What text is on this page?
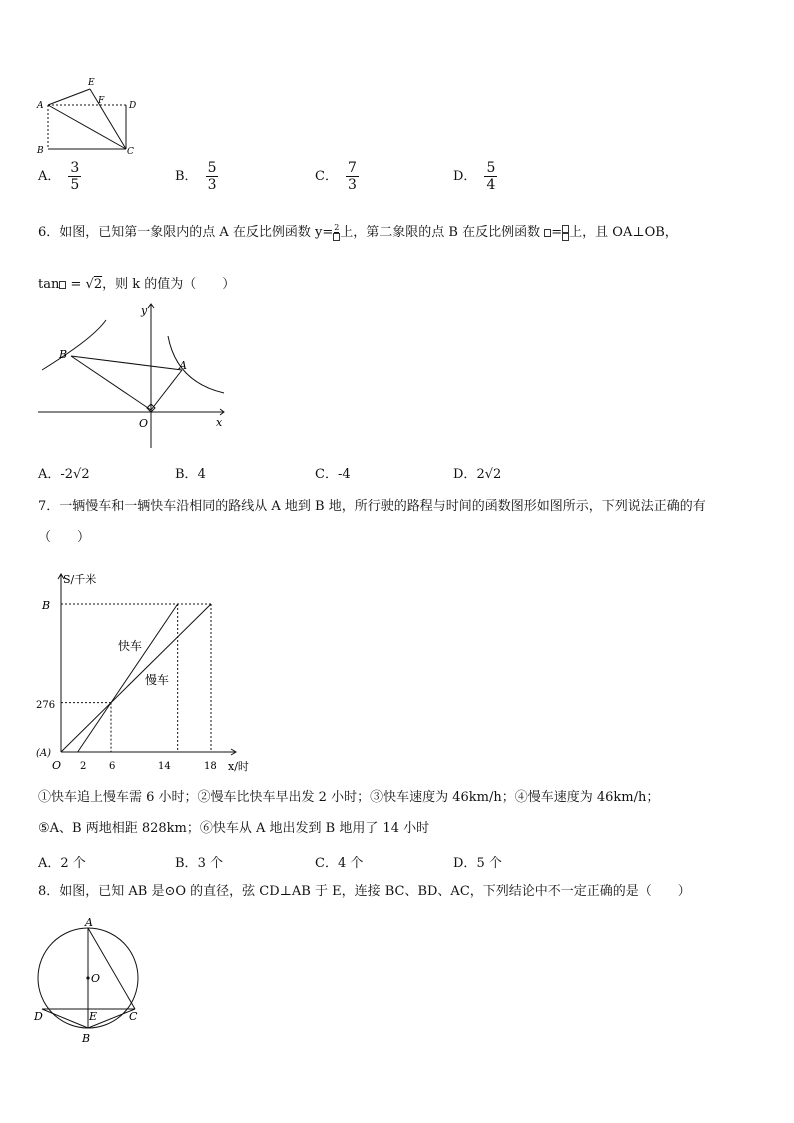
A
E
F	D
B	C
A． $\frac{3}{5}$	B． $\frac{5}{3}$	C． $\frac{7}{3}$	D． $\frac{5}{4}$
6．如图，已知第一象限内的点 A 在反比例函数 y= 2 上，第二象限的点 B 在反比例函数 = 上，且 OA⊥OB，
tan = √2，则 k 的值为（　　）
y
x
O
A
B
A．-2√2	B．4	C．-4	D．2√2
7．一辆慢车和一辆快车沿相同的路线从 A 地到 B 地，所行驶的路程与时间的函数图形如图所示，下列说法正确的有
（　　）
S/千米
x/时
B
276
(A)
O 2 6	14	18
快车
慢车
①快车追上慢车需 6 小时；②慢车比快车早出发 2 小时；③快车速度为 46km/h；④慢车速度为 46km/h；
⑤A、B 两地相距 828km；⑥快车从 A 地出发到 B 地用了 14 小时
A．2 个	B．3 个	C．4 个	D．5 个
8．如图，已知 AB 是⊙O 的直径，弦 CD⊥AB 于 E，连接 BC、BD、AC，下列结论中不一定正确的是（　　）
A
O
D	E	C
B
